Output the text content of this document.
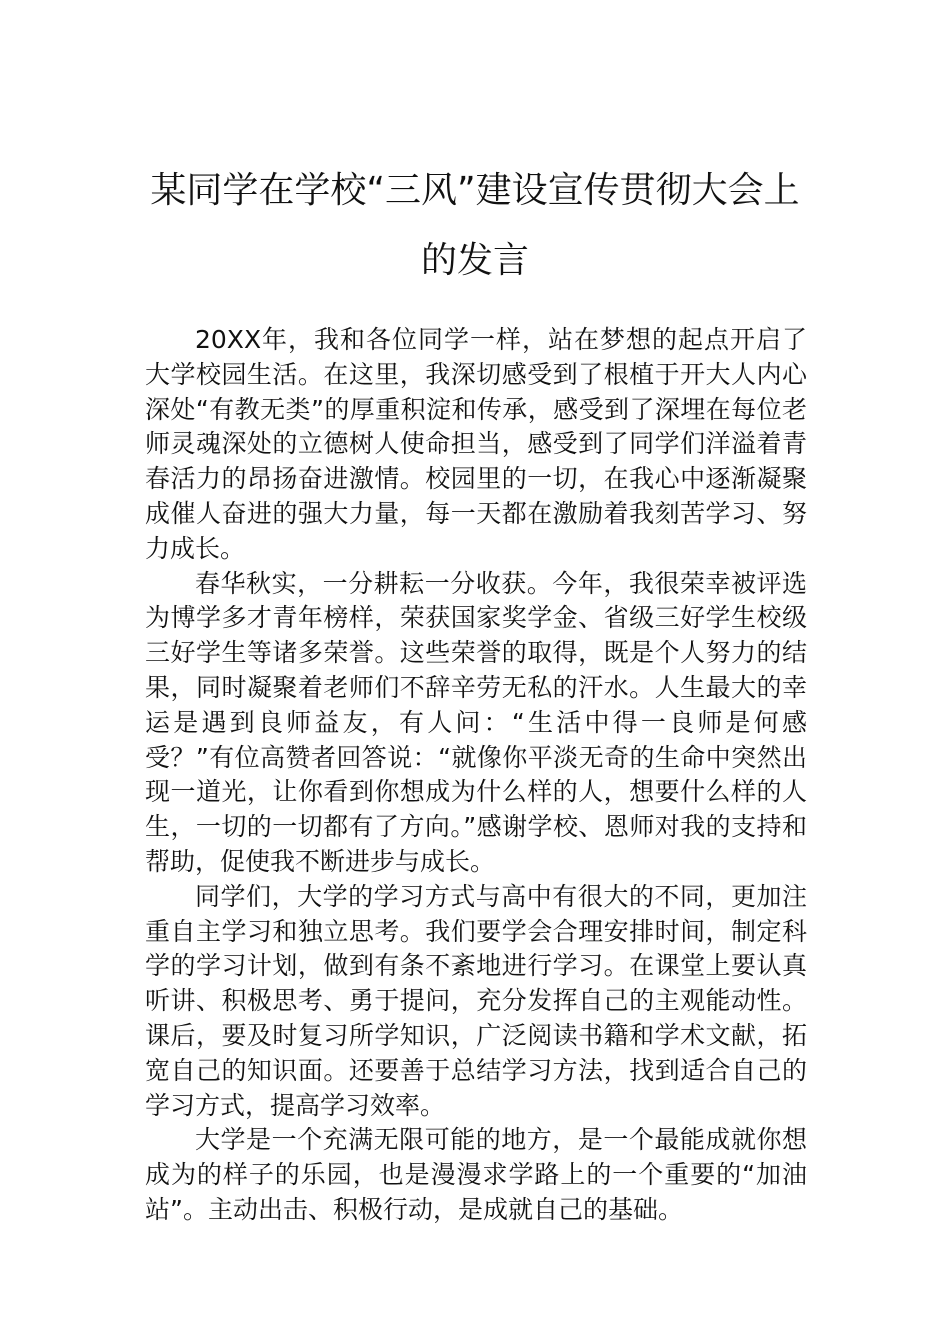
某同学在学校“三风”建设宣传贯彻大会上的发言

20XX年，我和各位同学一样，站在梦想的起点开启了大学校园生活。在这里，我深切感受到了根植于开大人内心深处“有教无类”的厚重积淀和传承，感受到了深埋在每位老师灵魂深处的立德树人使命担当，感受到了同学们洋溢着青春活力的昂扬奋进激情。校园里的一切，在我心中逐渐凝聚成催人奋进的强大力量，每一天都在激励着我刻苦学习、努力成长。

春华秋实，一分耕耘一分收获。今年，我很荣幸被评选为博学多才青年榜样，荣获国家奖学金、省级三好学生校级三好学生等诸多荣誉。这些荣誉的取得，既是个人努力的结果，同时凝聚着老师们不辞辛劳无私的汗水。人生最大的幸运是遇到良师益友，有人问：“生活中得一良师是何感受？”有位高赞者回答说：“就像你平淡无奇的生命中突然出现一道光，让你看到你想成为什么样的人，想要什么样的人生，一切的一切都有了方向。”感谢学校、恩师对我的支持和帮助，促使我不断进步与成长。

同学们，大学的学习方式与高中有很大的不同，更加注重自主学习和独立思考。我们要学会合理安排时间，制定科学的学习计划，做到有条不紊地进行学习。在课堂上要认真听讲、积极思考、勇于提问，充分发挥自己的主观能动性。课后，要及时复习所学知识，广泛阅读书籍和学术文献，拓宽自己的知识面。还要善于总结学习方法，找到适合自己的学习方式，提高学习效率。

大学是一个充满无限可能的地方，是一个最能成就你想成为的样子的乐园，也是漫漫求学路上的一个重要的“加油站”。主动出击、积极行动，是成就自己的基础。
